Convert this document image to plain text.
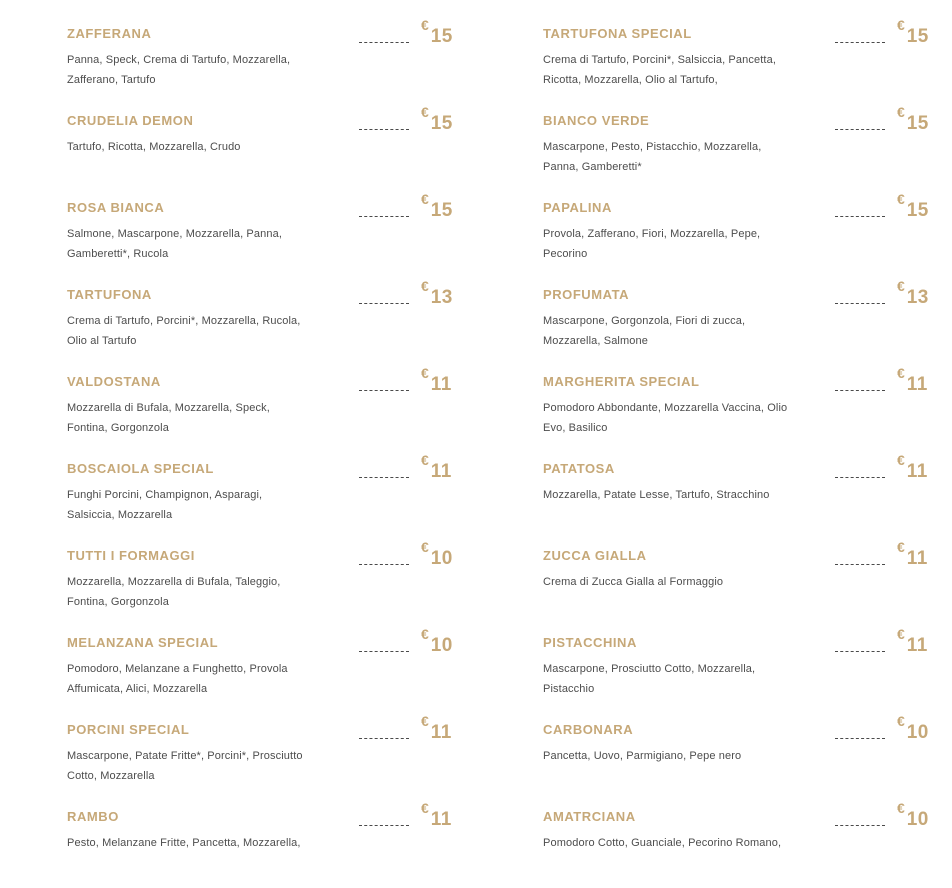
ZAFFERANA
€15
Panna, Speck, Crema di Tartufo, Mozzarella, Zafferano, Tartufo
CRUDELIA DEMON
€15
Tartufo, Ricotta, Mozzarella, Crudo
ROSA BIANCA
€15
Salmone, Mascarpone, Mozzarella, Panna, Gamberetti*, Rucola
TARTUFONA
€13
Crema di Tartufo, Porcini*, Mozzarella, Rucola, Olio al Tartufo
VALDOSTANA
€11
Mozzarella di Bufala, Mozzarella, Speck, Fontina, Gorgonzola
BOSCAIOLA SPECIAL
€11
Funghi Porcini, Champignon, Asparagi, Salsiccia, Mozzarella
TUTTI I FORMAGGI
€10
Mozzarella, Mozzarella di Bufala, Taleggio, Fontina, Gorgonzola
MELANZANA SPECIAL
€10
Pomodoro, Melanzane a Funghetto, Provola Affumicata, Alici, Mozzarella
PORCINI SPECIAL
€11
Mascarpone, Patate Fritte*, Porcini*, Prosciutto Cotto, Mozzarella
RAMBO
€11
Pesto, Melanzane Fritte, Pancetta, Mozzarella,
TARTUFONA SPECIAL
€15
Crema di Tartufo, Porcini*, Salsiccia, Pancetta, Ricotta, Mozzarella, Olio al Tartufo,
BIANCO VERDE
€15
Mascarpone, Pesto, Pistacchio, Mozzarella, Panna, Gamberetti*
PAPALINA
€15
Provola, Zafferano, Fiori, Mozzarella, Pepe, Pecorino
PROFUMATA
€13
Mascarpone, Gorgonzola, Fiori di zucca, Mozzarella, Salmone
MARGHERITA SPECIAL
€11
Pomodoro Abbondante, Mozzarella Vaccina, Olio Evo, Basilico
PATATOSA
€11
Mozzarella, Patate Lesse, Tartufo, Stracchino
ZUCCA GIALLA
€11
Crema di Zucca Gialla al Formaggio
PISTACCHINA
€11
Mascarpone, Prosciutto Cotto, Mozzarella, Pistacchio
CARBONARA
€10
Pancetta, Uovo, Parmigiano, Pepe nero
AMATRCIANA
€10
Pomodoro Cotto, Guanciale, Pecorino Romano,
